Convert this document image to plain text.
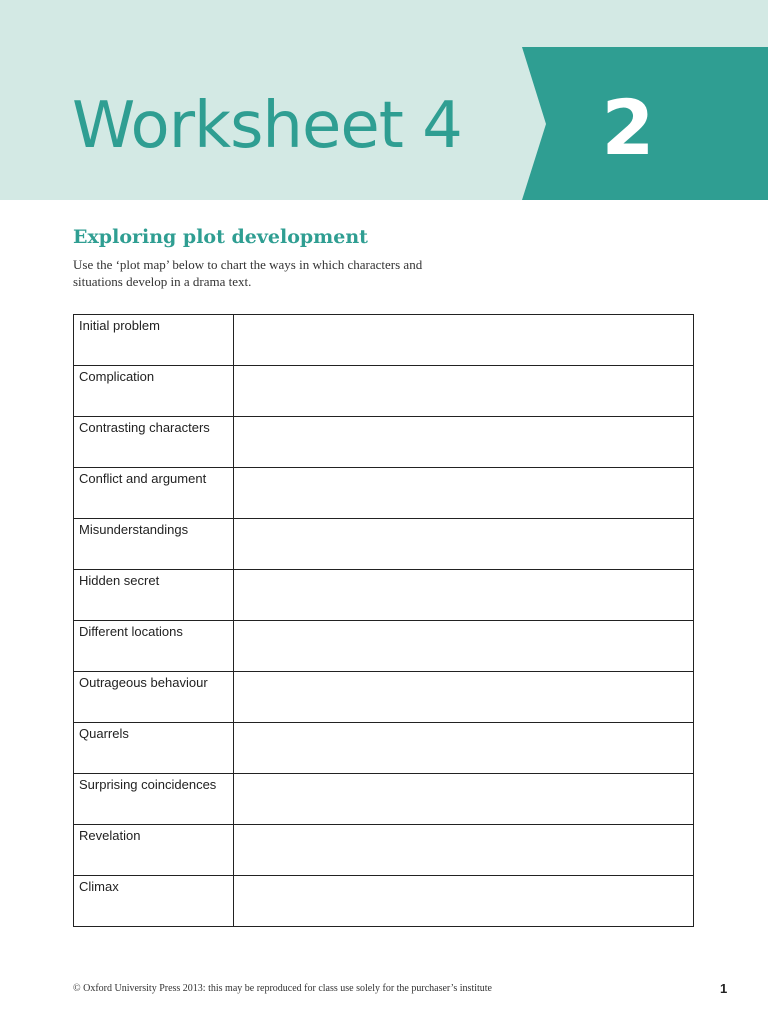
Worksheet 4 2
Exploring plot development
Use the ‘plot map’ below to chart the ways in which characters and situations develop in a drama text.
Initial problem	
Complication	
Contrasting characters	
Conflict and argument	
Misunderstandings	
Hidden secret	
Different locations	
Outrageous behaviour	
Quarrels	
Surprising coincidences	
Revelation	
Climax	
© Oxford University Press 2013: this may be reproduced for class use solely for the purchaser’s institute	1
